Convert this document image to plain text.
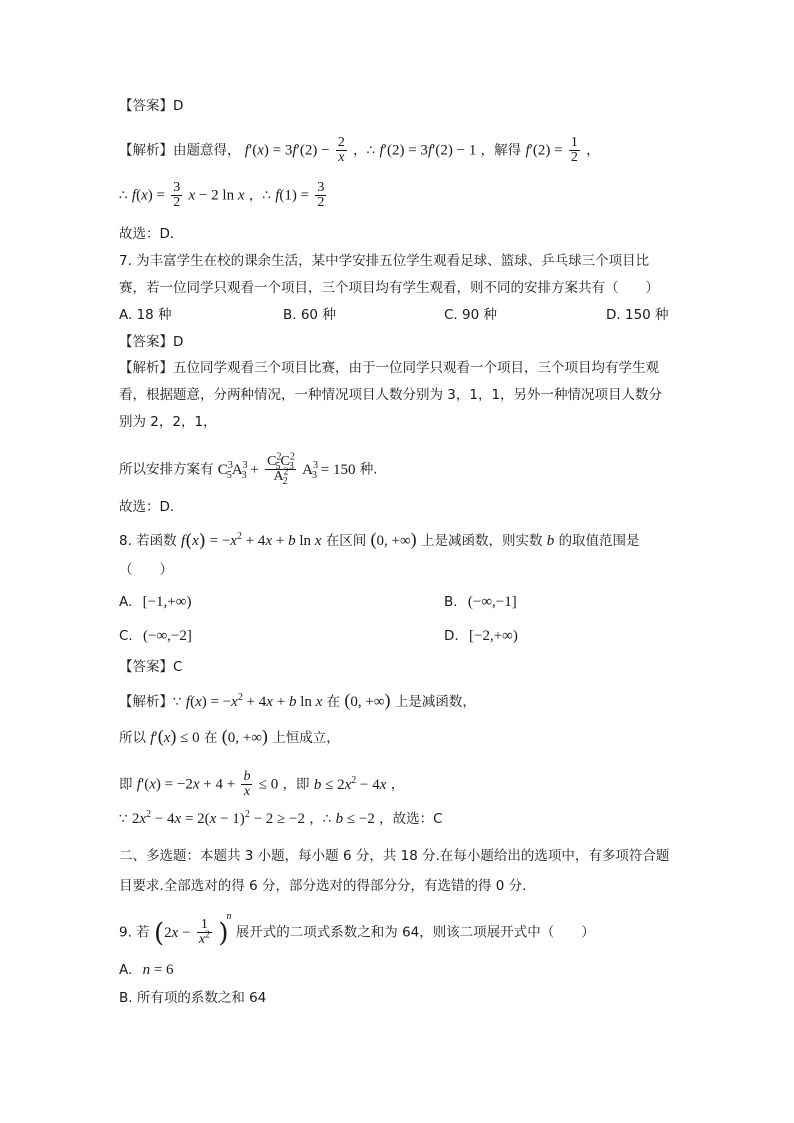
【答案】D
【解析】由题意得， $f'(x) = 3f'(2) - \frac{2}{x}$ ，∴ f′(2) = 3f′(2) − 1 ，解得 $f'(2) = \frac{1}{2}$ ，
∴ $f(x) = \frac{3}{2}$ x − 2 ln x ，∴ $f(1) = \frac{3}{2}$
故选：D．
7. 为丰富学生在校的课余生活，某中学安排五位学生观看足球、篮球、乒乓球三个项目比
赛，若一位同学只观看一个项目，三个项目均有学生观看，则不同的安排方案共有（　　）
A. 18 种	B. 60 种	C. 90 种	D. 150 种
【答案】D
【解析】五位同学观看三个项目比赛，由于一位同学只观看一个项目，三个项目均有学生观
看，根据题意，分两种情况，一种情况项目人数分别为 3，1，1，另外一种情况项目人数分
别为 2，2，1，
所以安排方案有 $C^3_5A^3_3 + \frac{C^2_5C^2_3}{A^2_2} A^3_3 = 150$ 种.
故选：D.
8. 若函数 $f(x) = -x^2 + 4x + b$ ln x 在区间 (0, +∞) 上是减函数，则实数 b 的取值范围是
（　　）
A. [−1,+∞)	B. (−∞,−1]
C. (−∞,−2]	D. [−2,+∞)
【答案】C
【解析】∵ $f(x) = -x^2 + 4x + b$ ln x 在 (0, +∞) 上是减函数，
所以 f′(x) ≤ 0 在 (0, +∞) 上恒成立，
即 $f'(x) = -2x + 4 + \frac{b}{x} \le 0$ ，即 $b \le 2x^2 - 4x$ ，
∵ $2x^2 - 4x = 2(x - 1)^2 - 2 \ge -2$ ，∴ b ≤ −2 ，故选：C
二、多选题：本题共 3 小题，每小题 6 分，共 18 分.在每小题给出的选项中，有多项符合题
目要求.全部选对的得 6 分，部分选对的得部分分，有选错的得 0 分.
9. 若 $(2x - \frac{1}{x^2} )^n$ 展开式的二项式系数之和为 64，则该二项展开式中（　　）
A. n = 6
B. 所有项的系数之和 64
